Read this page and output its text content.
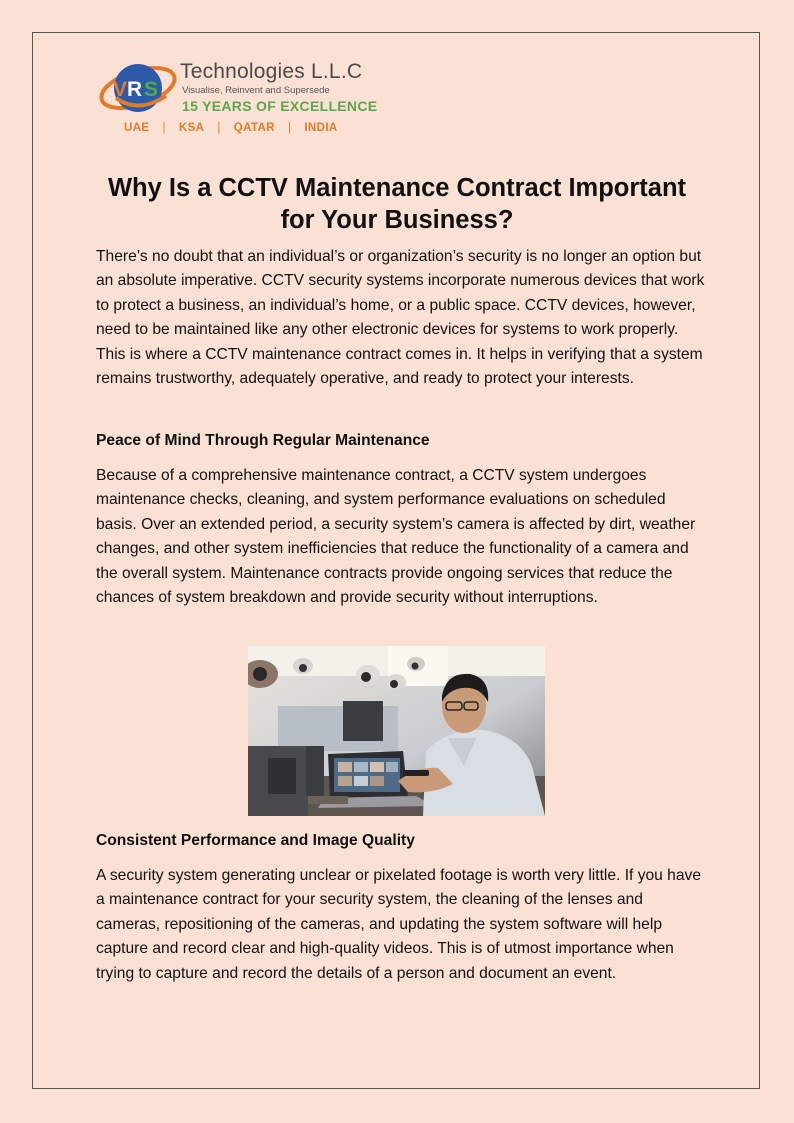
V R S
Technologies L.L.C
Visualise, Reinvent and Supersede
15 YEARS OF EXCELLENCE
UAE | KSA | QATAR | INDIA
Why Is a CCTV Maintenance Contract Important for Your Business?

There’s no doubt that an individual’s or organization’s security is no longer an option but an absolute imperative. CCTV security systems incorporate numerous devices that work to protect a business, an individual’s home, or a public space. CCTV devices, however, need to be maintained like any other electronic devices for systems to work properly. This is where a CCTV maintenance contract comes in. It helps in verifying that a system remains trustworthy, adequately operative, and ready to protect your interests.

Peace of Mind Through Regular Maintenance

Because of a comprehensive maintenance contract, a CCTV system undergoes maintenance checks, cleaning, and system performance evaluations on scheduled basis. Over an extended period, a security system’s camera is affected by dirt, weather changes, and other system inefficiencies that reduce the functionality of a camera and the overall system. Maintenance contracts provide ongoing services that reduce the chances of system breakdown and provide security without interruptions.

Consistent Performance and Image Quality

A security system generating unclear or pixelated footage is worth very little. If you have a maintenance contract for your security system, the cleaning of the lenses and cameras, repositioning of the cameras, and updating the system software will help capture and record clear and high-quality videos. This is of utmost importance when trying to capture and record the details of a person and document an event.
